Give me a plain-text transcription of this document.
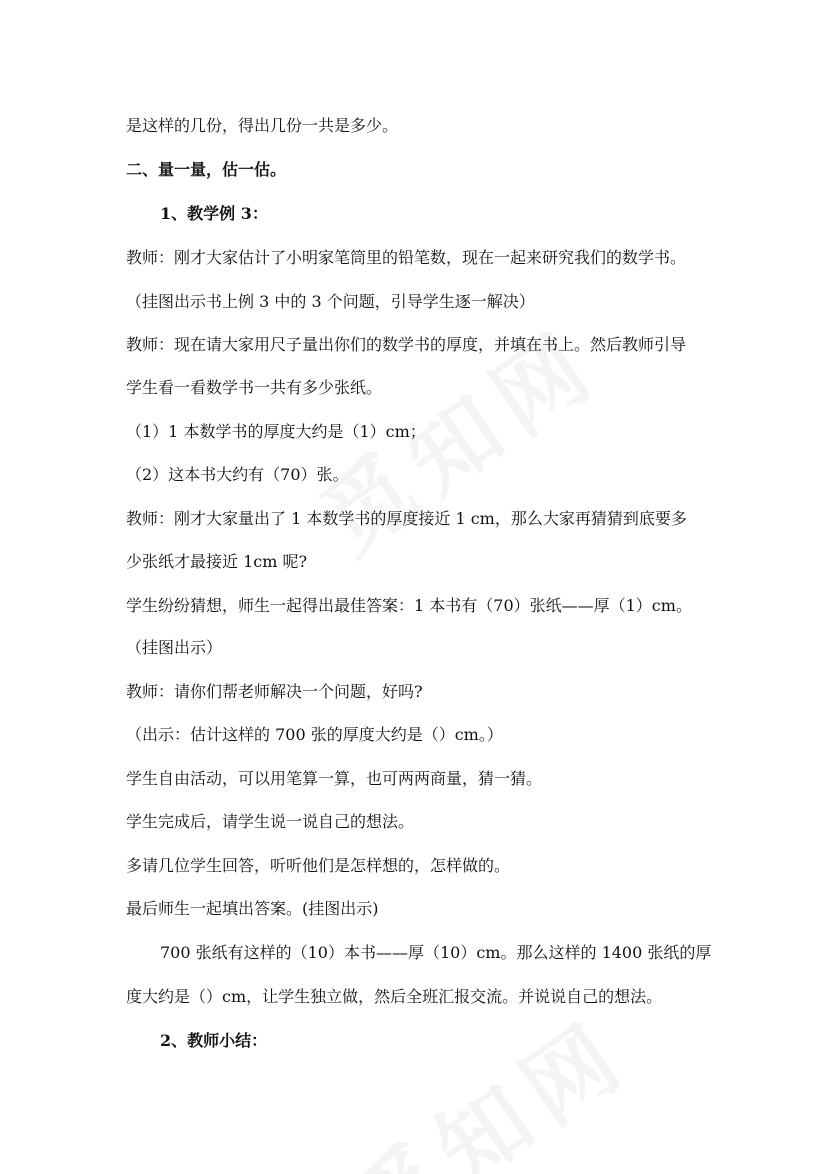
是这样的几份，得出几份一共是多少。
二、量一量，估一估。
1、教学例 3：
教师：刚才大家估计了小明家笔筒里的铅笔数，现在一起来研究我们的数学书。
（挂图出示书上例 3 中的 3 个问题，引导学生逐一解决）
教师：现在请大家用尺子量出你们的数学书的厚度，并填在书上。然后教师引导
学生看一看数学书一共有多少张纸。
（1）1 本数学书的厚度大约是（1）cm；
（2）这本书大约有（70）张。
教师：刚才大家量出了 1 本数学书的厚度接近 1 cm，那么大家再猜猜到底要多
少张纸才最接近 1cm 呢?
学生纷纷猜想，师生一起得出最佳答案：1 本书有（70）张纸——厚（1）cm。
（挂图出示）
教师：请你们帮老师解决一个问题，好吗?
（出示：估计这样的 700 张的厚度大约是（）cm。）
学生自由活动，可以用笔算一算，也可两两商量，猜一猜。
学生完成后，请学生说一说自己的想法。
多请几位学生回答，听听他们是怎样想的，怎样做的。
最后师生一起填出答案。(挂图出示)
700 张纸有这样的（10）本书——厚（10）cm。那么这样的 1400 张纸的厚
度大约是（）cm，让学生独立做，然后全班汇报交流。并说说自己的想法。
2、教师小结：
